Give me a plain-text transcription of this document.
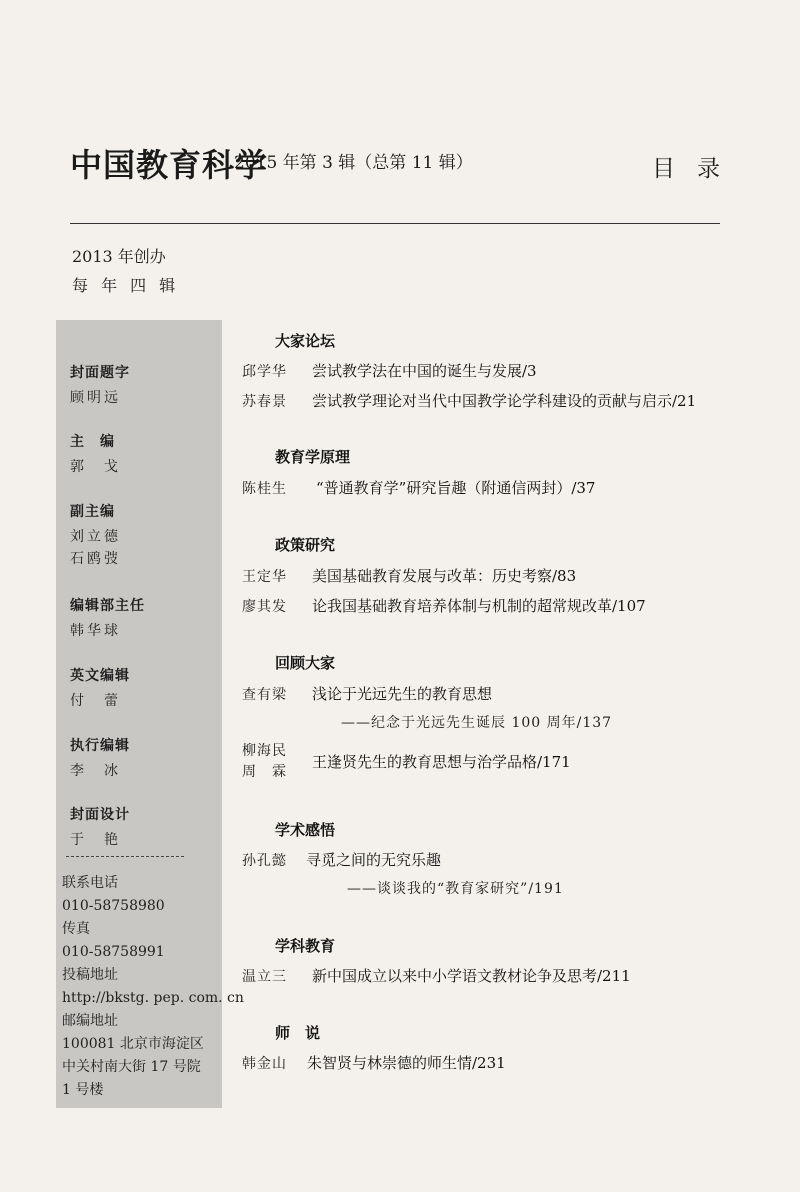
中国教育科学
2015 年第 3 辑（总第 11 辑）	目录
2013 年创办
每 年 四 辑
封面题字
顾明远
主　编
郭　戈
副主编
刘立德
石鸥弢
编辑部主任
韩华球
英文编辑
付　蕾
执行编辑
李　冰
封面设计
于　艳
联系电话
010-58758980
传真
010-58758991
投稿地址
http://bkstg. pep. com. cn
邮编地址
100081 北京市海淀区
中关村南大街 17 号院
1 号楼
大家论坛
邱学华 尝试教学法在中国的诞生与发展/3
苏春景 尝试教学理论对当代中国教学论学科建设的贡献与启示/21
教育学原理
陈桂生 “普通教育学”研究旨趣（附通信两封）/37
政策研究
王定华 美国基础教育发展与改革：历史考察/83
廖其发 论我国基础教育培养体制与机制的超常规改革/107
回顾大家
查有梁 浅论于光远先生的教育思想
——纪念于光远先生诞辰 100 周年/137
柳海民
周　霖
王逢贤先生的教育思想与治学品格/171
学术感悟
孙孔懿 寻觅之间的无究乐趣
——谈谈我的“教育家研究”/191
学科教育
温立三 新中国成立以来中小学语文教材论争及思考/211
师　说
韩金山 朱智贤与林崇德的师生情/231
